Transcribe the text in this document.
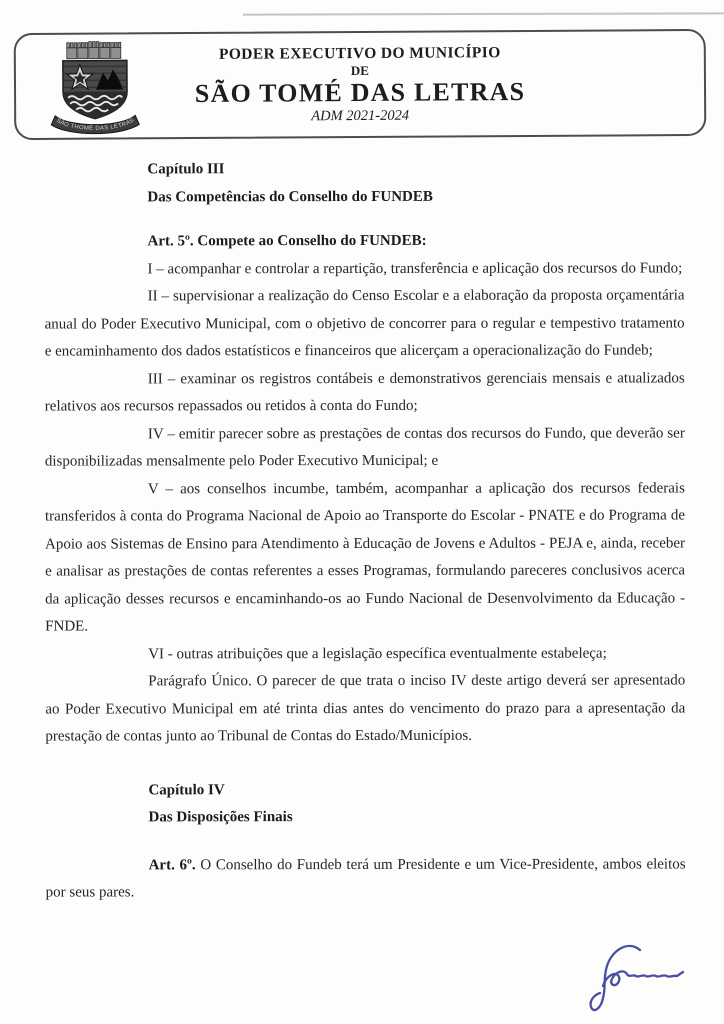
SÃO THOMÉ DAS LETRAS
PODER EXECUTIVO DO MUNICÍPIO
DE
SÃO TOMÉ DAS LETRAS
ADM 2021-2024

Capítulo III

Das Competências do Conselho do FUNDEB

Art. 5º. Compete ao Conselho do FUNDEB:

I – acompanhar e controlar a repartição, transferência e aplicação dos recursos do Fundo;

II – supervisionar a realização do Censo Escolar e a elaboração da proposta orçamentária anual do Poder Executivo Municipal, com o objetivo de concorrer para o regular e tempestivo tratamento e encaminhamento dos dados estatísticos e financeiros que alicerçam a operacionalização do Fundeb;

III – examinar os registros contábeis e demonstrativos gerenciais mensais e atualizados relativos aos recursos repassados ou retidos à conta do Fundo;

IV – emitir parecer sobre as prestações de contas dos recursos do Fundo, que deverão ser disponibilizadas mensalmente pelo Poder Executivo Municipal; e

V – aos conselhos incumbe, também, acompanhar a aplicação dos recursos federais transferidos à conta do Programa Nacional de Apoio ao Transporte do Escolar - PNATE e do Programa de Apoio aos Sistemas de Ensino para Atendimento à Educação de Jovens e Adultos - PEJA e, ainda, receber e analisar as prestações de contas referentes a esses Programas, formulando pareceres conclusivos acerca da aplicação desses recursos e encaminhando-os ao Fundo Nacional de Desenvolvimento da Educação - FNDE.

VI - outras atribuições que a legislação específica eventualmente estabeleça;

Parágrafo Único. O parecer de que trata o inciso IV deste artigo deverá ser apresentado ao Poder Executivo Municipal em até trinta dias antes do vencimento do prazo para a apresentação da prestação de contas junto ao Tribunal de Contas do Estado/Municípios.

Capítulo IV

Das Disposições Finais

Art. 6º. O Conselho do Fundeb terá um Presidente e um Vice-Presidente, ambos eleitos por seus pares.
